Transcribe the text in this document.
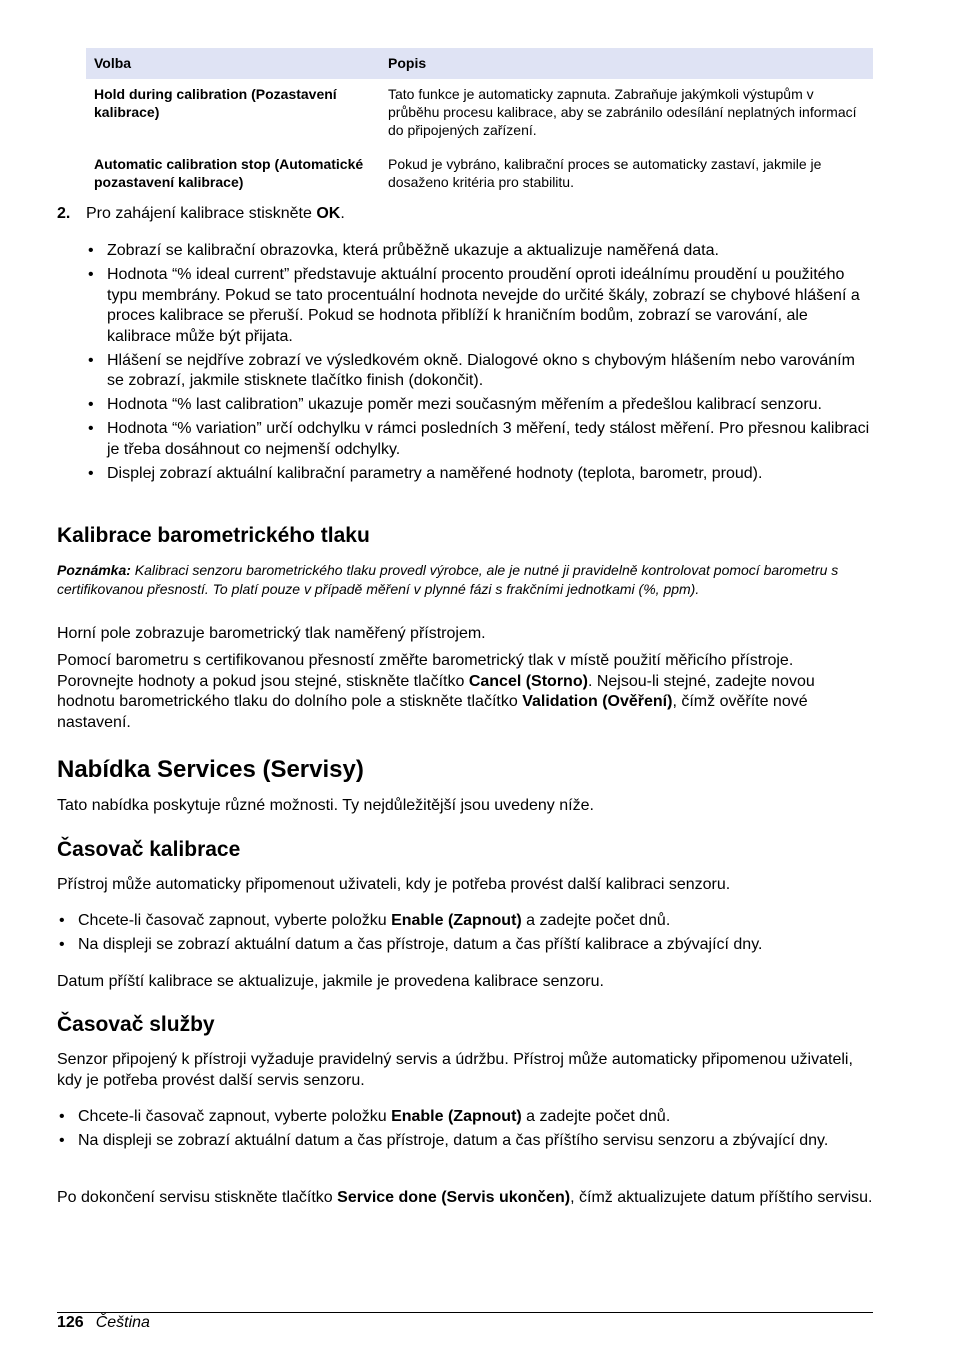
Volba	Popis
Hold during calibration (Pozastavení kalibrace)	Tato funkce je automaticky zapnuta. Zabraňuje jakýmkoli výstupům v průběhu procesu kalibrace, aby se zabránilo odesílání neplatných informací do připojených zařízení.
Automatic calibration stop (Automatické pozastavení kalibrace)	Pokud je vybráno, kalibrační proces se automaticky zastaví, jakmile je dosaženo kritéria pro stabilitu.

2. Pro zahájení kalibrace stiskněte OK.

• Zobrazí se kalibrační obrazovka, která průběžně ukazuje a aktualizuje naměřená data.
• Hodnota “% ideal current” představuje aktuální procento proudění oproti ideálnímu proudění u použitého typu membrány. Pokud se tato procentuální hodnota nevejde do určité škály, zobrazí se chybové hlášení a proces kalibrace se přeruší. Pokud se hodnota přiblíží k hraničním bodům, zobrazí se varování, ale kalibrace může být přijata.
• Hlášení se nejdříve zobrazí ve výsledkovém okně. Dialogové okno s chybovým hlášením nebo varováním se zobrazí, jakmile stisknete tlačítko finish (dokončit).
• Hodnota “% last calibration” ukazuje poměr mezi současným měřením a předešlou kalibrací senzoru.
• Hodnota “% variation” určí odchylku v rámci posledních 3 měření, tedy stálost měření. Pro přesnou kalibraci je třeba dosáhnout co nejmenší odchylky.
• Displej zobrazí aktuální kalibrační parametry a naměřené hodnoty (teplota, barometr, proud).
Kalibrace barometrického tlaku

Poznámka: Kalibraci senzoru barometrického tlaku provedl výrobce, ale je nutné ji pravidelně kontrolovat pomocí barometru s certifikovanou přesností. To platí pouze v případě měření v plynné fázi s frakčními jednotkami (%, ppm).

Horní pole zobrazuje barometrický tlak naměřený přístrojem.

Pomocí barometru s certifikovanou přesností změřte barometrický tlak v místě použití měřicího přístroje. Porovnejte hodnoty a pokud jsou stejné, stiskněte tlačítko Cancel (Storno). Nejsou-li stejné, zadejte novou hodnotu barometrického tlaku do dolního pole a stiskněte tlačítko Validation (Ověření), čímž ověříte nové nastavení.

Nabídka Services (Servisy)

Tato nabídka poskytuje různé možnosti. Ty nejdůležitější jsou uvedeny níže.

Časovač kalibrace

Přístroj může automaticky připomenout uživateli, kdy je potřeba provést další kalibraci senzoru.

• Chcete-li časovač zapnout, vyberte položku Enable (Zapnout) a zadejte počet dnů.
• Na displeji se zobrazí aktuální datum a čas přístroje, datum a čas příští kalibrace a zbývající dny.

Datum příští kalibrace se aktualizuje, jakmile je provedena kalibrace senzoru.

Časovač služby

Senzor připojený k přístroji vyžaduje pravidelný servis a údržbu. Přístroj může automaticky připomenou uživateli, kdy je potřeba provést další servis senzoru.

• Chcete-li časovač zapnout, vyberte položku Enable (Zapnout) a zadejte počet dnů.
• Na displeji se zobrazí aktuální datum a čas přístroje, datum a čas příštího servisu senzoru a zbývající dny.

Po dokončení servisu stiskněte tlačítko Service done (Servis ukončen), čímž aktualizujete datum příštího servisu.

126 Čeština
